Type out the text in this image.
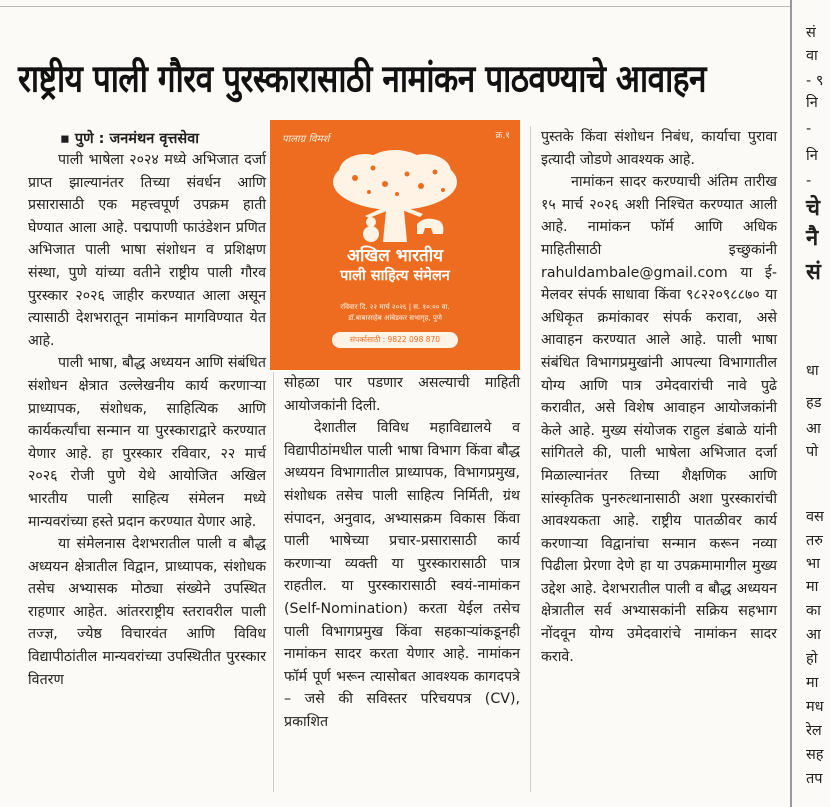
राष्ट्रीय पाली गौरव पुरस्कारासाठी नामांकन पाठवण्याचे आवाहन
▪ पुणे : जनमंथन वृत्तसेवा

पाली भाषेला २०२४ मध्ये अभिजात दर्जा प्राप्त झाल्यानंतर तिच्या संवर्धन आणि प्रसारासाठी एक महत्त्वपूर्ण उपक्रम हाती घेण्यात आला आहे. पद्मपाणी फाउंडेशन प्रणित अभिजात पाली भाषा संशोधन व प्रशिक्षण संस्था, पुणे यांच्या वतीने राष्ट्रीय पाली गौरव पुरस्कार २०२६ जाहीर करण्यात आला असून त्यासाठी देशभरातून नामांकन मागविण्यात येत आहे.

पाली भाषा, बौद्ध अध्ययन आणि संबंधित संशोधन क्षेत्रात उल्लेखनीय कार्य करणाऱ्या प्राध्यापक, संशोधक, साहित्यिक आणि कार्यकर्त्यांचा सन्मान या पुरस्काराद्वारे करण्यात येणार आहे. हा पुरस्कार रविवार, २२ मार्च २०२६ रोजी पुणे येथे आयोजित अखिल भारतीय पाली साहित्य संमेलन मध्ये मान्यवरांच्या हस्ते प्रदान करण्यात येणार आहे.

या संमेलनास देशभरातील पाली व बौद्ध अध्ययन क्षेत्रातील विद्वान, प्राध्यापक, संशोधक तसेच अभ्यासक मोठ्या संख्येने उपस्थित राहणार आहेत. आंतरराष्ट्रीय स्तरावरील पाली तज्ज्ञ, ज्येष्ठ विचारवंत आणि विविध विद्यापीठांतील मान्यवरांच्या उपस्थितीत पुरस्कार वितरण

क्र.१
पालाग्र विमर्श
अखिल भारतीय
पाली साहित्य संमेलन
रविवार दि. २२ मार्च २०२६ | स. १०:०० वा.
डॉ.बाबासाहेब आंबेडकर सभागृह, पुणे
संपर्कासाठी : 9822 098 870

सोहळा पार पडणार असल्याची माहिती आयोजकांनी दिली.

देशातील विविध महाविद्यालये व विद्यापीठांमधील पाली भाषा विभाग किंवा बौद्ध अध्ययन विभागातील प्राध्यापक, विभागप्रमुख, संशोधक तसेच पाली साहित्य निर्मिती, ग्रंथ संपादन, अनुवाद, अभ्यासक्रम विकास किंवा पाली भाषेच्या प्रचार-प्रसारासाठी कार्य करणाऱ्या व्यक्ती या पुरस्कारासाठी पात्र राहतील. या पुरस्कारासाठी स्वयं-नामांकन (Self-Nomination) करता येईल तसेच पाली विभागप्रमुख किंवा सहकाऱ्यांकडूनही नामांकन सादर करता येणार आहे. नामांकन फॉर्म पूर्ण भरून त्यासोबत आवश्यक कागदपत्रे – जसे की सविस्तर परिचयपत्र (CV), प्रकाशित

पुस्तके किंवा संशोधन निबंध, कार्याचा पुरावा इत्यादी जोडणे आवश्यक आहे.

नामांकन सादर करण्याची अंतिम तारीख १५ मार्च २०२६ अशी निश्चित करण्यात आली आहे. नामांकन फॉर्म आणि अधिक माहितीसाठी इच्छुकांनी rahuldambale@gmail.com या ई-मेलवर संपर्क साधावा किंवा ९८२२०९८८७० या अधिकृत क्रमांकावर संपर्क करावा, असे आवाहन करण्यात आले आहे. पाली भाषा संबंधित विभागप्रमुखांनी आपल्या विभागातील योग्य आणि पात्र उमेदवारांची नावे पुढे करावीत, असे विशेष आवाहन आयोजकांनी केले आहे. मुख्य संयोजक राहुल डंबाळे यांनी सांगितले की, पाली भाषेला अभिजात दर्जा मिळाल्यानंतर तिच्या शैक्षणिक आणि सांस्कृतिक पुनरुत्थानासाठी अशा पुरस्कारांची आवश्यकता आहे. राष्ट्रीय पातळीवर कार्य करणाऱ्या विद्वानांचा सन्मान करून नव्या पिढीला प्रेरणा देणे हा या उपक्रमामागील मुख्य उद्देश आहे. देशभरातील पाली व बौद्ध अध्ययन क्षेत्रातील सर्व अभ्यासकांनी सक्रिय सहभाग नोंदवून योग्य उमेदवारांचे नामांकन सादर करावे.

सं
वा
- ९
नि
-
नि
-
चे
नै
सं
धा
हड
आ
पो
वस
तरु
भा
मा
का
आ
हो
मा
मध
रेल
सह
तप
